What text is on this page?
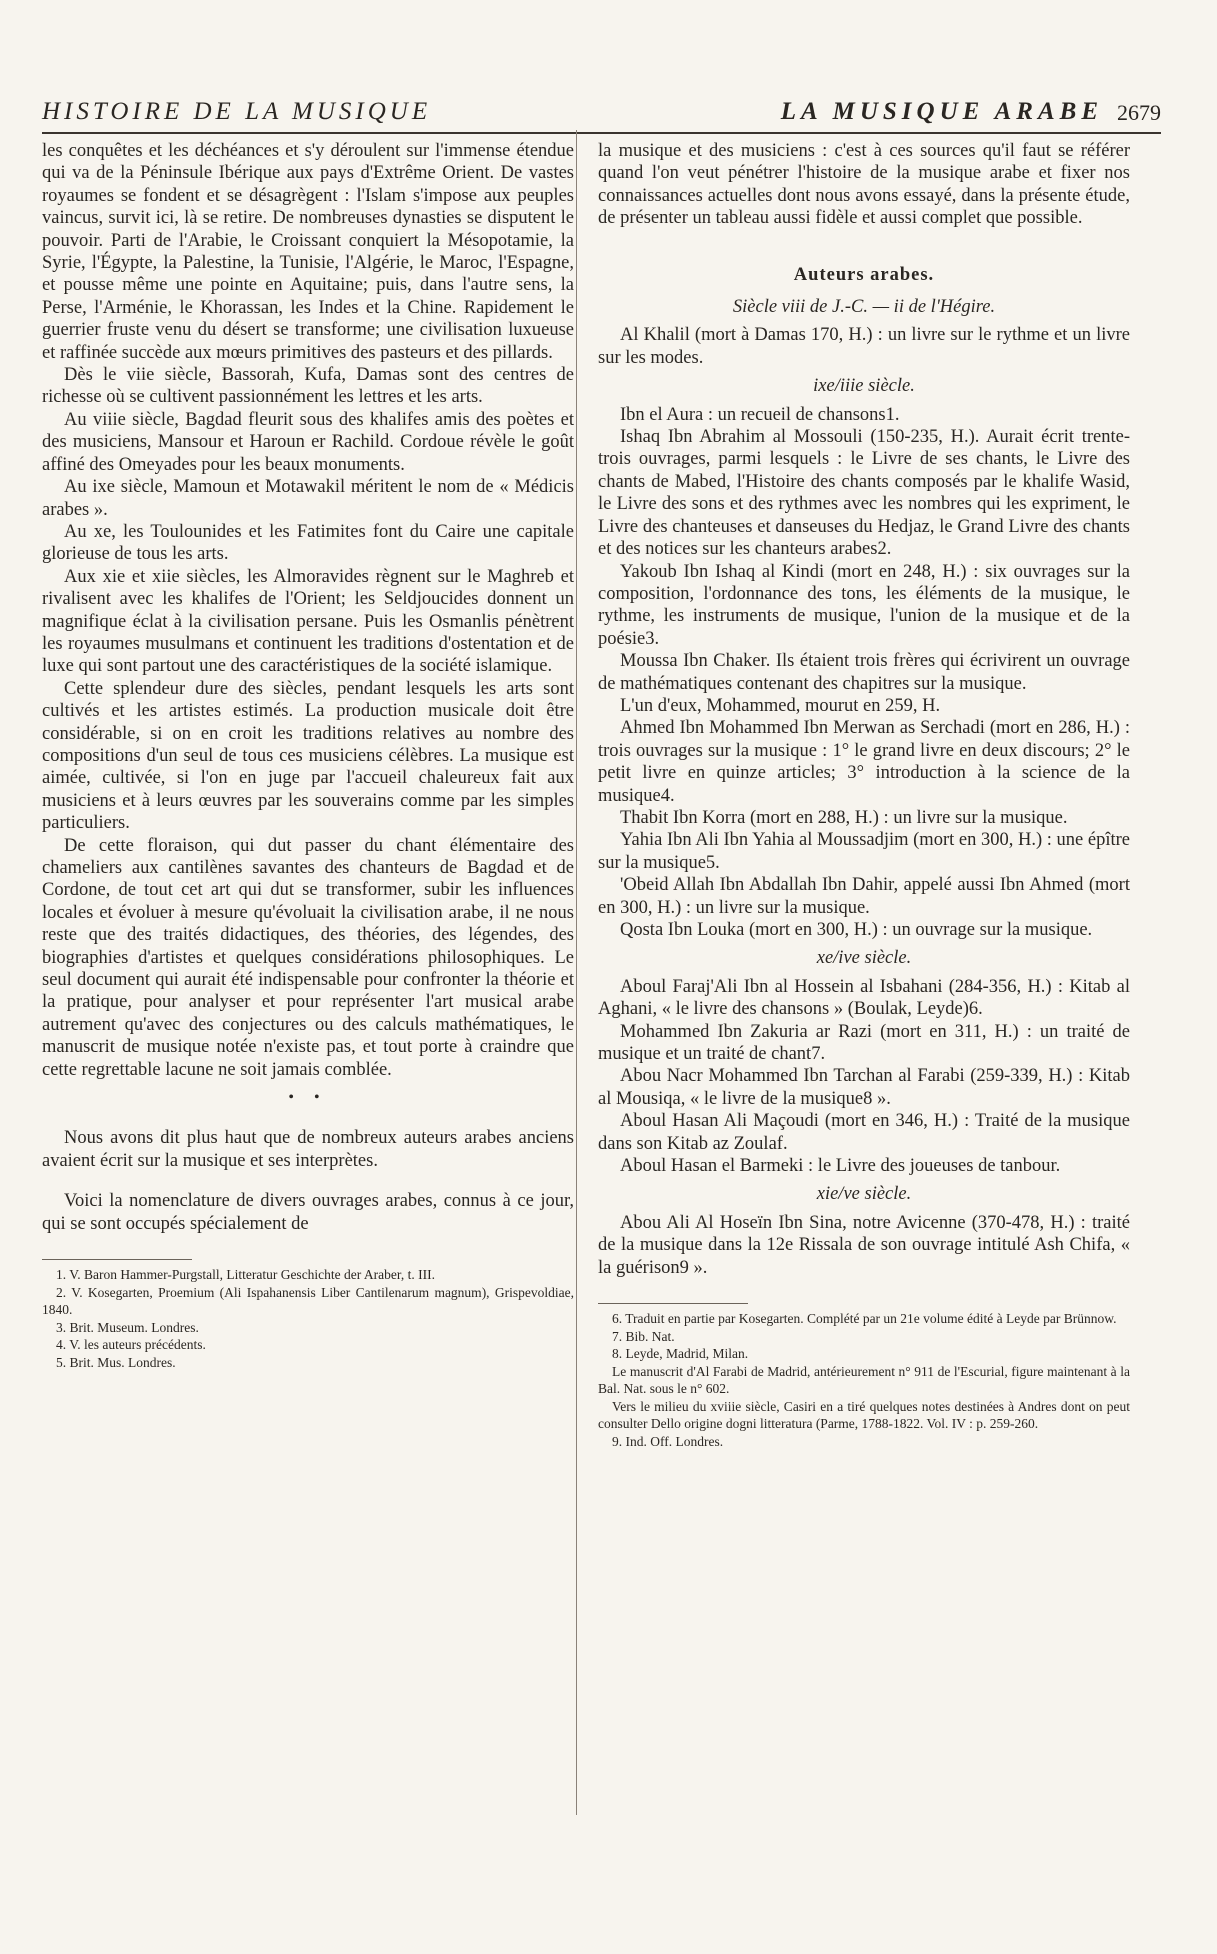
HISTOIRE DE LA MUSIQUE	LA MUSIQUE ARABE 2679

les conquêtes et les déchéances et s'y déroulent sur l'immense étendue qui va de la Péninsule Ibérique aux pays d'Extrême Orient. De vastes royaumes se fondent et se désagrègent : l'Islam s'impose aux peuples vaincus, survit ici, là se retire. De nombreuses dynasties se disputent le pouvoir. Parti de l'Arabie, le Croissant conquiert la Mésopotamie, la Syrie, l'Égypte, la Palestine, la Tunisie, l'Algérie, le Maroc, l'Espagne, et pousse même une pointe en Aquitaine; puis, dans l'autre sens, la Perse, l'Arménie, le Khorassan, les Indes et la Chine. Rapidement le guerrier fruste venu du désert se transforme; une civilisation luxueuse et raffinée succède aux mœurs primitives des pasteurs et des pillards.

Dès le viie siècle, Bassorah, Kufa, Damas sont des centres de richesse où se cultivent passionnément les lettres et les arts.

Au viiie siècle, Bagdad fleurit sous des khalifes amis des poètes et des musiciens, Mansour et Haroun er Rachild. Cordoue révèle le goût affiné des Omeyades pour les beaux monuments.

Au ixe siècle, Mamoun et Motawakil méritent le nom de « Médicis arabes ».

Au xe, les Toulounides et les Fatimites font du Caire une capitale glorieuse de tous les arts.

Aux xie et xiie siècles, les Almoravides règnent sur le Maghreb et rivalisent avec les khalifes de l'Orient; les Seldjoucides donnent un magnifique éclat à la civilisation persane. Puis les Osmanlis pénètrent les royaumes musulmans et continuent les traditions d'ostentation et de luxe qui sont partout une des caractéristiques de la société islamique.

Cette splendeur dure des siècles, pendant lesquels les arts sont cultivés et les artistes estimés. La production musicale doit être considérable, si on en croit les traditions relatives au nombre des compositions d'un seul de tous ces musiciens célèbres. La musique est aimée, cultivée, si l'on en juge par l'accueil chaleureux fait aux musiciens et à leurs œuvres par les souverains comme par les simples particuliers.

De cette floraison, qui dut passer du chant élémentaire des chameliers aux cantilènes savantes des chanteurs de Bagdad et de Cordone, de tout cet art qui dut se transformer, subir les influences locales et évoluer à mesure qu'évoluait la civilisation arabe, il ne nous reste que des traités didactiques, des théories, des légendes, des biographies d'artistes et quelques considérations philosophiques. Le seul document qui aurait été indispensable pour confronter la théorie et la pratique, pour analyser et pour représenter l'art musical arabe autrement qu'avec des conjectures ou des calculs mathématiques, le manuscrit de musique notée n'existe pas, et tout porte à craindre que cette regrettable lacune ne soit jamais comblée.

• •

Nous avons dit plus haut que de nombreux auteurs arabes anciens avaient écrit sur la musique et ses interprètes.

Voici la nomenclature de divers ouvrages arabes, connus à ce jour, qui se sont occupés spécialement de

1. V. Baron Hammer-Purgstall, Litteratur Geschichte der Araber, t. III.
2. V. Kosegarten, Proemium (Ali Ispahanensis Liber Cantilenarum magnum), Grispevoldiae, 1840.
3. Brit. Museum. Londres.
4. V. les auteurs précédents.
5. Brit. Mus. Londres.

la musique et des musiciens : c'est à ces sources qu'il faut se référer quand l'on veut pénétrer l'histoire de la musique arabe et fixer nos connaissances actuelles dont nous avons essayé, dans la présente étude, de présenter un tableau aussi fidèle et aussi complet que possible.

Auteurs arabes.
Siècle viii de J.-C. — ii de l'Hégire.

Al Khalil (mort à Damas 170, H.) : un livre sur le rythme et un livre sur les modes.

ixe/iiie siècle.

Ibn el Aura : un recueil de chansons1.

Ishaq Ibn Abrahim al Mossouli (150-235, H.). Aurait écrit trente-trois ouvrages, parmi lesquels : le Livre de ses chants, le Livre des chants de Mabed, l'Histoire des chants composés par le khalife Wasid, le Livre des sons et des rythmes avec les nombres qui les expriment, le Livre des chanteuses et danseuses du Hedjaz, le Grand Livre des chants et des notices sur les chanteurs arabes2.

Yakoub Ibn Ishaq al Kindi (mort en 248, H.) : six ouvrages sur la composition, l'ordonnance des tons, les éléments de la musique, le rythme, les instruments de musique, l'union de la musique et de la poésie3.

Moussa Ibn Chaker. Ils étaient trois frères qui écrivirent un ouvrage de mathématiques contenant des chapitres sur la musique.

L'un d'eux, Mohammed, mourut en 259, H.

Ahmed Ibn Mohammed Ibn Merwan as Serchadi (mort en 286, H.) : trois ouvrages sur la musique : 1° le grand livre en deux discours; 2° le petit livre en quinze articles; 3° introduction à la science de la musique4.

Thabit Ibn Korra (mort en 288, H.) : un livre sur la musique.

Yahia Ibn Ali Ibn Yahia al Moussadjim (mort en 300, H.) : une épître sur la musique5.

'Obeid Allah Ibn Abdallah Ibn Dahir, appelé aussi Ibn Ahmed (mort en 300, H.) : un livre sur la musique.

Qosta Ibn Louka (mort en 300, H.) : un ouvrage sur la musique.

xe/ive siècle.

Aboul Faraj'Ali Ibn al Hossein al Isbahani (284-356, H.) : Kitab al Aghani, « le livre des chansons » (Boulak, Leyde)6.

Mohammed Ibn Zakuria ar Razi (mort en 311, H.) : un traité de musique et un traité de chant7.

Abou Nacr Mohammed Ibn Tarchan al Farabi (259-339, H.) : Kitab al Mousiqa, « le livre de la musique8 ».

Aboul Hasan Ali Maçoudi (mort en 346, H.) : Traité de la musique dans son Kitab az Zoulaf.

Aboul Hasan el Barmeki : le Livre des joueuses de tanbour.

xie/ve siècle.

Abou Ali Al Hoseïn Ibn Sina, notre Avicenne (370-478, H.) : traité de la musique dans la 12e Rissala de son ouvrage intitulé Ash Chifa, « la guérison9 ».

6. Traduit en partie par Kosegarten. Complété par un 21e volume édité à Leyde par Brünnow.
7. Bib. Nat.
8. Leyde, Madrid, Milan.
Le manuscrit d'Al Farabi de Madrid, antérieurement n° 911 de l'Escurial, figure maintenant à la Bal. Nat. sous le n° 602.
Vers le milieu du xviiie siècle, Casiri en a tiré quelques notes destinées à Andres dont on peut consulter Dello origine dogni litteratura (Parme, 1788-1822. Vol. IV : p. 259-260.
9. Ind. Off. Londres.
